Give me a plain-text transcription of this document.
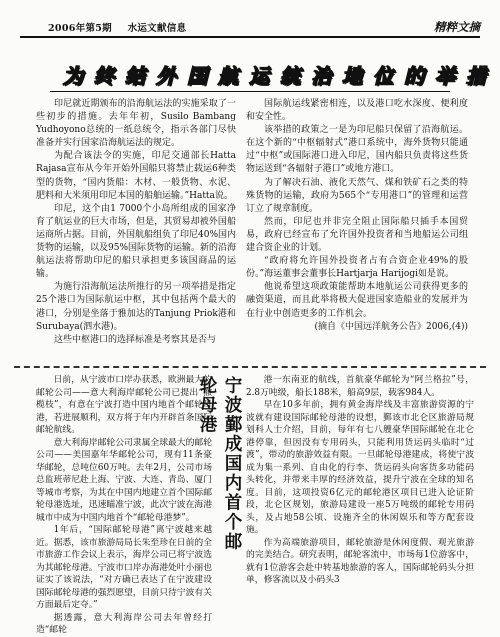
2006年第5期 水运文献信息	精粹文摘
为 终 结 外 国 航 运 统 治 地 位 的 举 措

印尼就近期颁布的沿海航运法的实施采取了一些初步的措施。去年年初，Susilo Bambang Yudhoyono总统的一纸总统令，指示各部门尽快准备并实行国家沿海航运法的规定。

为配合该法令的实施，印尼交通部长Hatta Rajasa宣布从今年开始外国船只将禁止载运6种类型的货物，“国内货船：木材、一般货物、水泥、肥料和大米须用印尼本国的船舶运输。”Hatta说。

印尼，这个由1 7000个小岛所组成的国家净育了航运业的巨大市场，但是，其贸易却被外国船运商所占据。目前，外国航船组负了印尼40%国内货物的运输，以及95%国际货物的运输。新的沿海航运法将帮助印尼的船只承担更多该国商品的运输。

为施行沿海航运法所推行的另一项举措是指定25个港口为国际航运中枢，其中包括两个最大的港口，分别是坐落于雅加达的Tanjung Priok港和Surubaya(泗水港)。

这些中枢港口的选择标准是考察其是否与

国际航运线紧密相连，以及港口吃水深度、便利度和安全性。

该举措的政策之一是为印尼船只保留了沿海航运。在这个新的“中枢辐射式”港口系统中，海外货物只能通过“中枢”或国际港口进入印尼，国内船只负责将这些货物运送到“各辐射子港口”或地方港口。

为了解决石油、液化天然气、煤和铁矿石之类的特殊货物的运输，政府为565个“专用港口”的管理和运营订立了规章制度。

然而，印尼也并非完全阻止国际船只插手本国贸易，政府已经宣布了允许国外投资者和当地船运公司组建合资企业的计划。

“政府将允许国外投资者占有合资企业49%的股份。”海运董事会董事长Hartjarja Harijogi如是说。

他说希望这项政策能帮助本地航运公司获得更多的融资渠道，而且此举将极大促进国家造船业的发展并为在行业中创造更多的工作机会。

(摘自《中国远洋航务公告》2006,(4))

日前，从宁波市口岸办获悉，欧洲最大的邮轮公司——意大利海岸邮轮公司已提出“撤榄枝”，有意在宁波打造中国内地首个邮轮母港，若进展顺利，双方将于年内开辟首条国际邮轮航线。

意大利海岸邮轮公司隶属全球最大的邮轮公司——美国嘉年华邮轮公司，现有11条豪华邮轮，总吨位60万吨。去年2月，公司市场总监班蒂尼赴上海、宁波、大连、青岛、厦门等城市考察，为其在中国内地建立首个国际邮轮母港选址，迅速瞄准宁波，此次宁波在海港城市中成为中国内地首个“邮轮母港梦”。

1年后，“国际邮轮母港”离宁波越来越近。据悉，该市旅游局局长朱至珍在日前的全市旅游工作会议上表示，海岸公司已将宁波选为其邮轮母港。宁波市口岸办海港处叶小丽也证实了该说法，“对方确已表达了在宁波建设国际邮轮母港的强烈愿望，目前只待宁波有关方面最后定夺。”

据透露，意大利海岸公司去年曾经打造“邮轮

宁波鄞成国内首个邮轮母港	港一东南亚的航线，首航豪华邮轮为“阿兰格拉”号，2.8万吨级，船长188米，船高9层，载客984人。

早在10多年前，拥有黄金海岸线及丰富旅游资源的宁波就有建设国际邮轮母港的设想，鄞该市北仑区旅游局规划科人士介绍，目前，每年有七八艘豪华国际邮轮在北仑港停靠，但因没有专用码头，只能利用货运码头临时“过渡”，带动的旅游效益有限。一旦邮轮母港建成，将使宁波成为集一系列、自由化的行李、货运码头向客货多功能码头转化，并带来丰厚的经济效益，提升宁波在全球的知名度。目前，这项投资6亿元的邮轮港区项目已进入论证阶段，北仑区规划，旅游局建设一座5万吨级的邮轮专用码头，及占地58公顷、设施齐全的休闲娱乐和等方配套设施。

作为高端旅游项目，邮轮旅游是休闲度假、观光旅游的完美结合。研究表明，邮轮客流中，市场每1位游客中，就有1位游客会赴中转基地旅游的客人，国际邮轮码头分担单，修客流以及小码头3
